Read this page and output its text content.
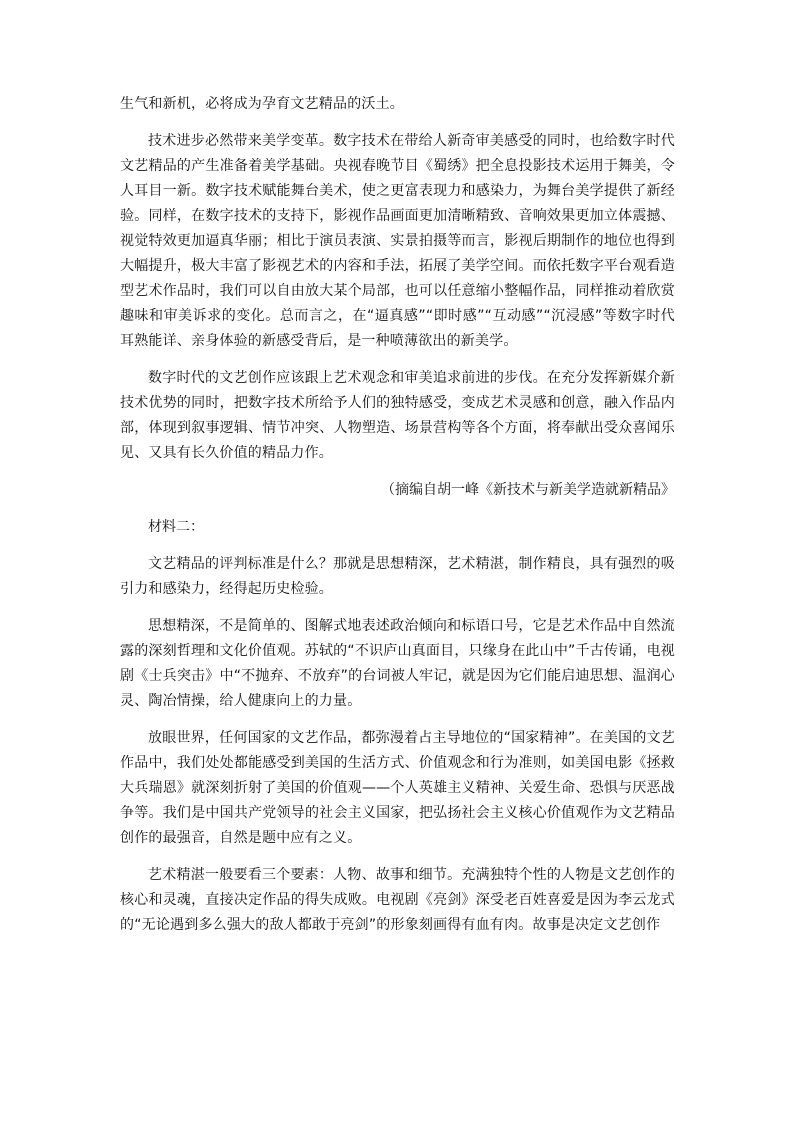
生气和新机，必将成为孕育文艺精品的沃土。

技术进步必然带来美学变革。数字技术在带给人新奇审美感受的同时，也给数字时代文艺精品的产生准备着美学基础。央视春晚节目《蜀绣》把全息投影技术运用于舞美，令人耳目一新。数字技术赋能舞台美术，使之更富表现力和感染力，为舞台美学提供了新经验。同样，在数字技术的支持下，影视作品画面更加清晰精致、音响效果更加立体震撼、视觉特效更加逼真华丽；相比于演员表演、实景拍摄等而言，影视后期制作的地位也得到大幅提升，极大丰富了影视艺术的内容和手法，拓展了美学空间。而依托数字平台观看造型艺术作品时，我们可以自由放大某个局部，也可以任意缩小整幅作品，同样推动着欣赏趣味和审美诉求的变化。总而言之，在“逼真感”“即时感”“互动感”“沉浸感”等数字时代耳熟能详、亲身体验的新感受背后，是一种喷薄欲出的新美学。

数字时代的文艺创作应该跟上艺术观念和审美追求前进的步伐。在充分发挥新媒介新技术优势的同时，把数字技术所给予人们的独特感受，变成艺术灵感和创意，融入作品内部，体现到叙事逻辑、情节冲突、人物塑造、场景营构等各个方面，将奉献出受众喜闻乐见、又具有长久价值的精品力作。

（摘编自胡一峰《新技术与新美学造就新精品》

材料二：

文艺精品的评判标准是什么？那就是思想精深，艺术精湛，制作精良，具有强烈的吸引力和感染力，经得起历史检验。

思想精深，不是简单的、图解式地表述政治倾向和标语口号，它是艺术作品中自然流露的深刻哲理和文化价值观。苏轼的“不识庐山真面目，只缘身在此山中”千古传诵，电视剧《士兵突击》中“不抛弃、不放弃”的台词被人牢记，就是因为它们能启迪思想、温润心灵、陶冶情操，给人健康向上的力量。

放眼世界，任何国家的文艺作品，都弥漫着占主导地位的“国家精神”。在美国的文艺作品中，我们处处都能感受到美国的生活方式、价值观念和行为准则，如美国电影《拯救大兵瑞恩》就深刻折射了美国的价值观——个人英雄主义精神、关爱生命、恐惧与厌恶战争等。我们是中国共产党领导的社会主义国家，把弘扬社会主义核心价值观作为文艺精品创作的最强音，自然是题中应有之义。

艺术精湛一般要看三个要素：人物、故事和细节。充满独特个性的人物是文艺创作的核心和灵魂，直接决定作品的得失成败。电视剧《亮剑》深受老百姓喜爱是因为李云龙式的“无论遇到多么强大的敌人都敢于亮剑”的形象刻画得有血有肉。故事是决定文艺创作
